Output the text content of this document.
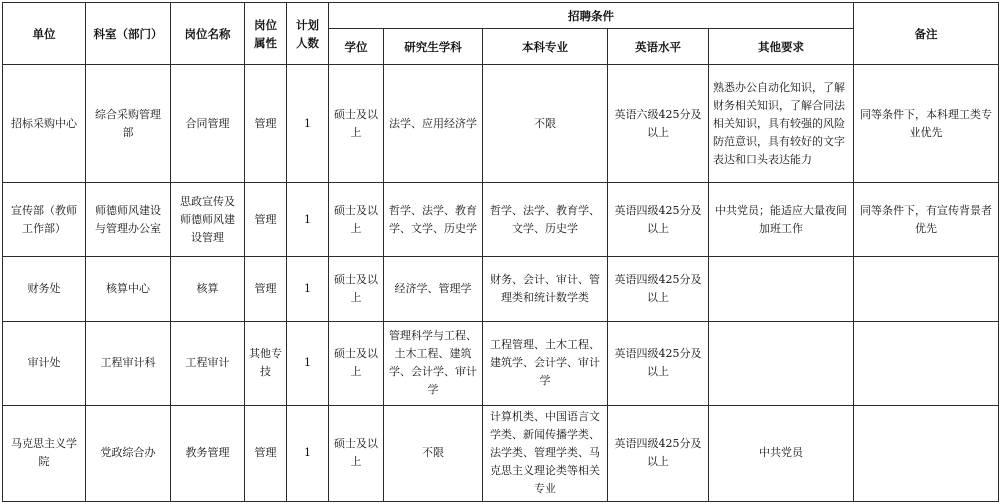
单位	科室（部门）	岗位名称	岗位属性	计划人数	招聘条件					备注
					学位	研究生学科	本科专业	英语水平	其他要求	
招标采购中心	综合采购管理部	合同管理	管理	1	硕士及以上	法学、应用经济学	不限	英语六级425分及以上	熟悉办公自动化知识，了解财务相关知识，了解合同法相关知识，具有较强的风险防范意识，具有较好的文字表达和口头表达能力	同等条件下，本科理工类专业优先
宣传部（教师工作部）	师德师风建设与管理办公室	思政宣传及师德师风建设管理	管理	1	硕士及以上	哲学、法学、教育学、文学、历史学	哲学、法学、教育学、文学、历史学	英语四级425分及以上	中共党员；能适应大量夜间加班工作	同等条件下，有宣传背景者优先
财务处	核算中心	核算	管理	1	硕士及以上	经济学、管理学	财务、会计、审计、管理类和统计数学类	英语四级425分及以上		
审计处	工程审计科	工程审计	其他专技	1	硕士及以上	管理科学与工程、土木工程、建筑学、会计学、审计学	工程管理、土木工程、建筑学、会计学、审计学	英语四级425分及以上		
马克思主义学院	党政综合办	教务管理	管理	1	硕士及以上	不限	计算机类、中国语言文学类、新闻传播学类、法学类、管理学类、马克思主义理论类等相关专业	英语四级425分及以上	中共党员	
